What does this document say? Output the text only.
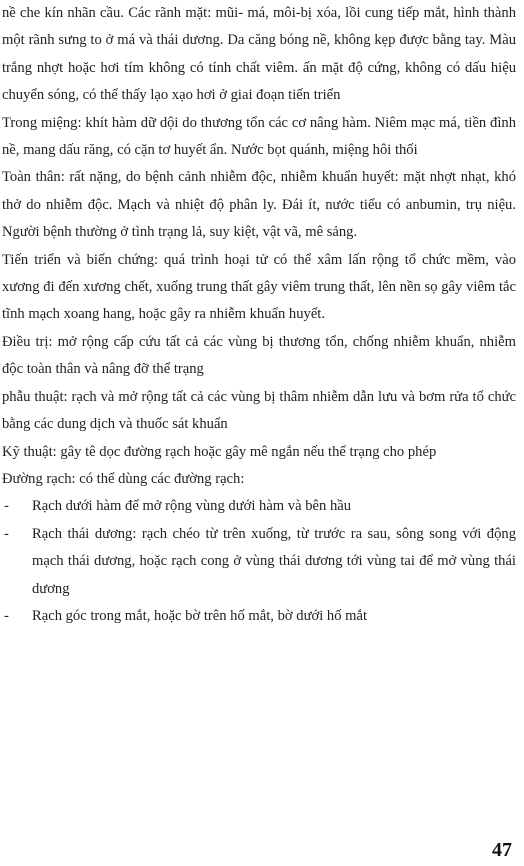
nề che kín nhãn cầu. Các rãnh mặt: mũi- má, môi-bị xóa, lồi cung tiếp mắt, hình thành một rãnh sưng to ở má và thái dương. Da căng bóng nề, không kẹp được bằng tay. Màu trắng nhợt hoặc hơi tím không có tính chất viêm. ấn mặt độ cứng, không có dấu hiệu chuyển sóng, có thể thấy lạo xạo hơi ở giai đoạn tiến triển

Trong miệng: khít hàm dữ dội do thương tổn các cơ nâng hàm. Niêm mạc má, tiền đình nề, mang dấu răng, có cặn tơ huyết ẩn. Nước bọt quánh, miệng hôi thối

Toàn thân: rất nặng, do bệnh cảnh nhiễm độc, nhiễm khuẩn huyết: mặt nhợt nhạt, khó thở do nhiễm độc. Mạch và nhiệt độ phân ly. Đái ít, nước tiểu có anbumin, trụ niệu. Người bệnh thường ở tình trạng lả, suy kiệt, vật vã, mê sảng.

Tiến triển và biến chứng: quá trình hoại tử có thể xâm lấn rộng tổ chức mềm, vào xương đi đến xương chết, xuống trung thất gây viêm trung thất, lên nền sọ gây viêm tắc tĩnh mạch xoang hang, hoặc gây ra nhiễm khuẩn huyết.

Điều trị: mở rộng cấp cứu tất cả các vùng bị thương tổn, chống nhiễm khuẩn, nhiễm độc toàn thân và nâng đỡ thể trạng

phẫu thuật: rạch và mở rộng tất cả các vùng bị thâm nhiễm dẫn lưu và bơm rửa tổ chức bằng các dung dịch và thuốc sát khuẩn

Kỹ thuật: gây tê dọc đường rạch hoặc gây mê ngắn nếu thể trạng cho phép

Đường rạch: có thể dùng các đường rạch:

- Rạch dưới hàm để mở rộng vùng dưới hàm và bên hầu
- Rạch thái dương: rạch chéo từ trên xuống, từ trước ra sau, sông song với động mạch thái dương, hoặc rạch cong ở vùng thái dương tới vùng tai để mở vùng thái dương
- Rạch góc trong mắt, hoặc bờ trên hố mắt, bờ dưới hố mắt
47
